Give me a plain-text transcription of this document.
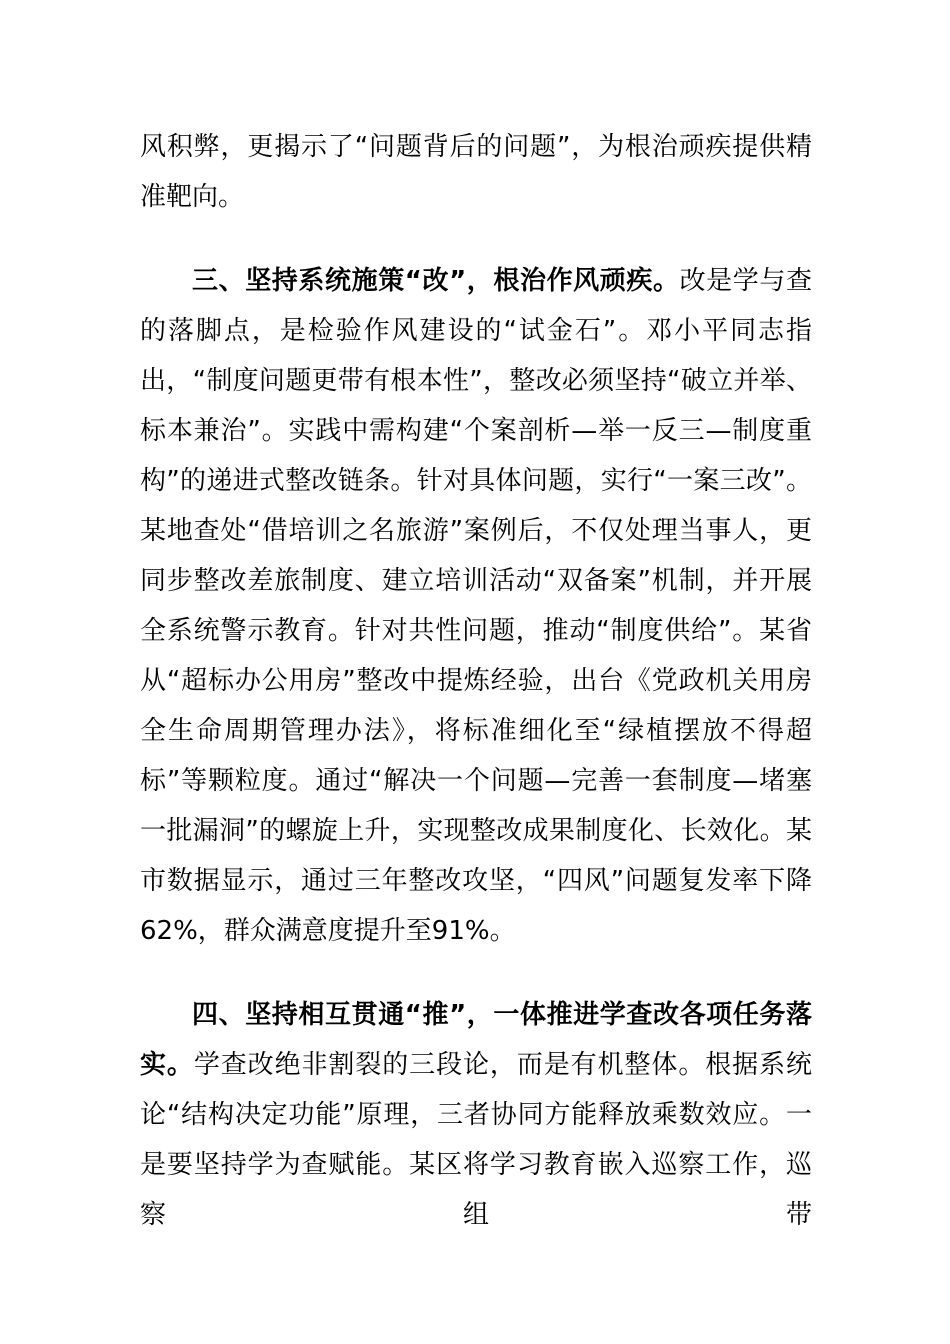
风积弊，更揭示了“问题背后的问题”，为根治顽疾提供精准靶向。

三、坚持系统施策“改”，根治作风顽疾。改是学与查的落脚点，是检验作风建设的“试金石”。邓小平同志指出，“制度问题更带有根本性”，整改必须坚持“破立并举、标本兼治”。实践中需构建“个案剖析—举一反三—制度重构”的递进式整改链条。针对具体问题，实行“一案三改”。某地查处“借培训之名旅游”案例后，不仅处理当事人，更同步整改差旅制度、建立培训活动“双备案”机制，并开展全系统警示教育。针对共性问题，推动“制度供给”。某省从“超标办公用房”整改中提炼经验，出台《党政机关用房全生命周期管理办法》，将标准细化至“绿植摆放不得超标”等颗粒度。通过“解决一个问题—完善一套制度—堵塞一批漏洞”的螺旋上升，实现整改成果制度化、长效化。某市数据显示，通过三年整改攻坚，“四风”问题复发率下降62%，群众满意度提升至91%。

四、坚持相互贯通“推”，一体推进学查改各项任务落实。学查改绝非割裂的三段论，而是有机整体。根据系统论“结构决定功能”原理，三者协同方能释放乘数效应。一是要坚持学为查赋能。某区将学习教育嵌入巡察工作，巡察组带
